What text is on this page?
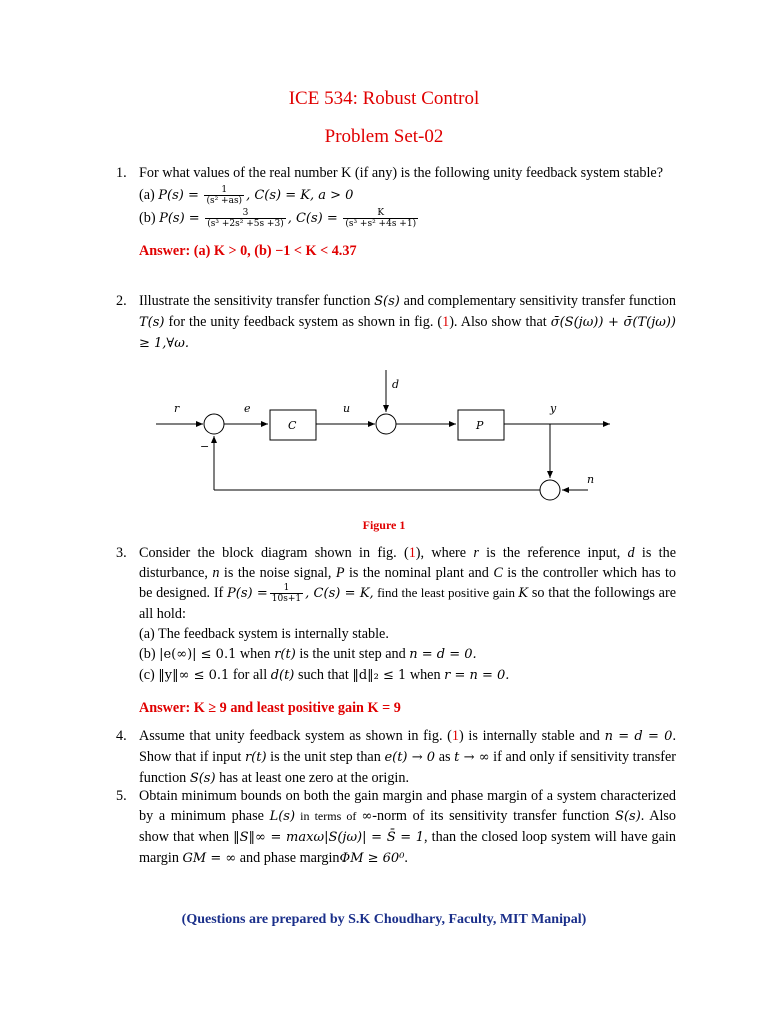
ICE 534: Robust Control
Problem Set-02
1. For what values of the real number K (if any) is the following unity feedback system stable?
(a) $P(s) = \frac{1}{\text{(s² +as)}}$ , C(s) = K, a > 0
(b) $P(s) = \frac{3}{\text{(s³ +2s² +5s +3)}}$ , $C(s) = \frac{K}{\text{(s³ +s² +4s +1)}}$
Answer: (a) K > 0, (b) −1 < K < 4.37
2. Illustrate the sensitivity transfer function S(s) and complementary sensitivity transfer function T(s) for the unity feedback system as shown in fig. (1). Also show that σ̄(S(jω)) + σ̄(T(jω)) ≥ 1,∀ω.
r	e
C
u
d
P
y
n
−
Figure 1
3. Consider the block diagram shown in fig. (1), where r is the reference input, d is the disturbance, n is the noise signal, P is the nominal plant and C is the controller which has to be designed. If $P(s) = \frac{1}{10s+1}$ , C(s) = K, find the least positive gain K so that the followings are all hold:
(a) The feedback system is internally stable.
(b) |e(∞)| ≤ 0.1 when r(t) is the unit step and n = d = 0.
(c) ‖y‖∞ ≤ 0.1 for all d(t) such that ‖d‖₂ ≤ 1 when r = n = 0.
Answer: K ≥ 9 and least positive gain K = 9
4. Assume that unity feedback system as shown in fig. (1) is internally stable and n = d = 0. Show that if input r(t) is the unit step than e(t) → 0 as t → ∞ if and only if sensitivity transfer function S(s) has at least one zero at the origin.
5. Obtain minimum bounds on both the gain margin and phase margin of a system characterized by a minimum phase L(s) in terms of ∞-norm of its sensitivity transfer function S(s). Also show that when ‖S‖∞ = maxω|S(jω)| = S̄ = 1, than the closed loop system will have gain margin GM = ∞ and phase marginΦM ≥ 60⁰.
(Questions are prepared by S.K Choudhary, Faculty, MIT Manipal)
